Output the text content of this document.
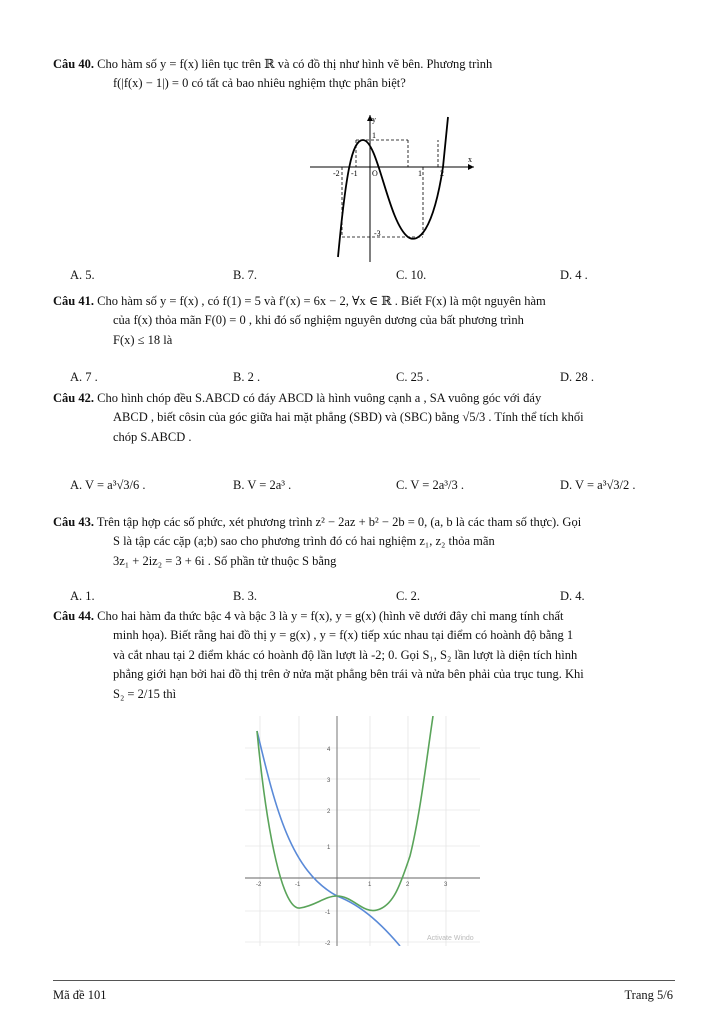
Câu 40. Cho hàm số y = f(x) liên tục trên ℝ và có đồ thị như hình vẽ bên. Phương trình
f(|f(x) − 1|) = 0 có tất cả bao nhiêu nghiệm thực phân biệt?
y
x
1
-1 O	2
-2	1
-3
A. 5.	B. 7.	C. 10.	D. 4 .
Câu 41. Cho hàm số y = f(x) , có f(1) = 5 và f′(x) = 6x − 2, ∀x ∈ ℝ . Biết F(x) là một nguyên hàm
của f(x) thỏa mãn F(0) = 0 , khi đó số nghiệm nguyên dương của bất phương trình
F(x) ≤ 18 là
A. 7 .	B. 2 .	C. 25 .	D. 28 .
Câu 42. Cho hình chóp đều S.ABCD có đáy ABCD là hình vuông cạnh a , SA vuông góc với đáy
ABCD , biết côsin của góc giữa hai mặt phẳng (SBD) và (SBC) bằng √5/3 . Tính thể tích khối
chóp S.ABCD .
A. V = a³√3/6 .	B. V = 2a³ .	C. V = 2a³/3 .	D. V = a³√3/2 .
Câu 43. Trên tập hợp các số phức, xét phương trình z² − 2az + b² − 2b = 0, (a, b là các tham số thực). Gọi
S là tập các cặp (a;b) sao cho phương trình đó có hai nghiệm z₁, z₂ thỏa mãn
3z₁ + 2iz₂ = 3 + 6i . Số phần tử thuộc S bằng
A. 1.	B. 3.	C. 2.	D. 4.
Câu 44. Cho hai hàm đa thức bậc 4 và bậc 3 là y = f(x), y = g(x) (hình vẽ dưới đây chỉ mang tính chất
minh họa). Biết rằng hai đồ thị y = g(x) , y = f(x) tiếp xúc nhau tại điểm có hoành độ bằng 1
và cắt nhau tại 2 điểm khác có hoành độ lần lượt là -2; 0. Gọi S₁, S₂ lần lượt là diện tích hình
phẳng giới hạn bởi hai đồ thị trên ở nửa mặt phẳng bên trái và nửa bên phải của trục tung. Khi
S₂ = 2/15 thì
4
3
2
1
-1
-2
-2	-1	1	2	3
Activate Windo
Mã đề 101	Trang 5/6
